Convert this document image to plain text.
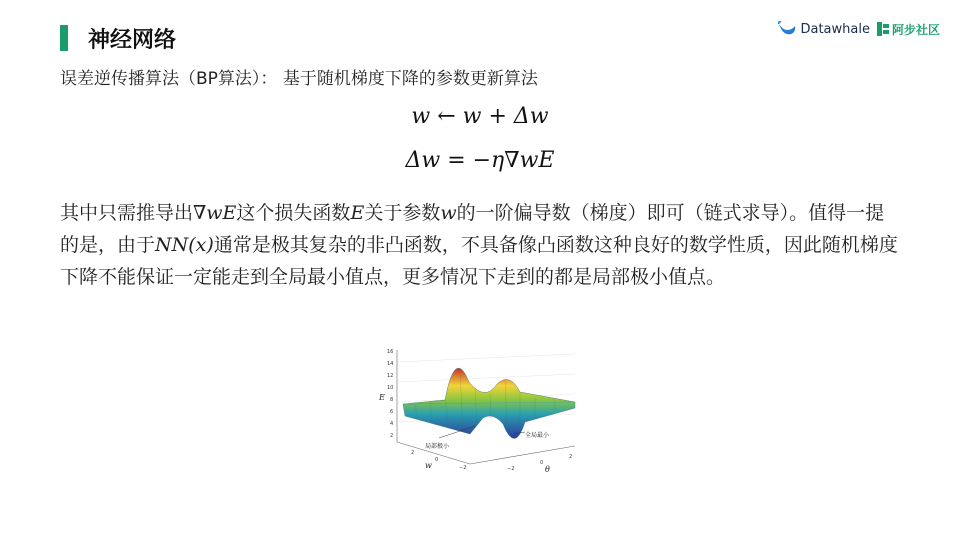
神经网络	Datawhale 阿步社区
误差逆传播算法（BP算法）： 基于随机梯度下降的参数更新算法
w ← w + Δw
Δw = −η∇wE
其中只需推导出∇wE这个损失函数E关于参数w的一阶偏导数（梯度）即可（链式求导）。值得一提的是，由于NN(x)通常是极其复杂的非凸函数，不具备像凸函数这种良好的数学性质，因此随机梯度下降不能保证一定能走到全局最小值点，更多情况下走到的都是局部极小值点。
16
14
12
10
8
6
4
2
2
0
−2	−2
0
2
E
w	θ
局部极小
全局最小
